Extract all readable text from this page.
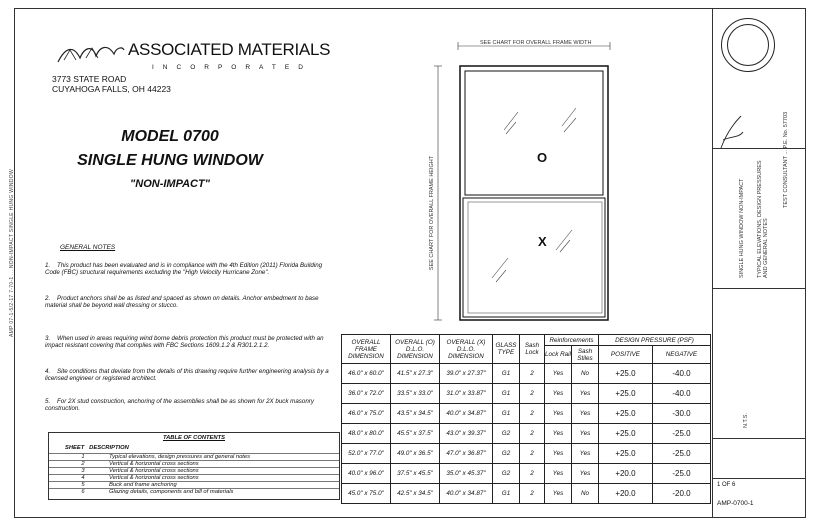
AMP 07-1-5/2-17 7-70-1 ... NON-IMPACT SINGLE HUNG WINDOW
ASSOCIATED MATERIALS
INCORPORATED
3773 STATE ROAD
CUYAHOGA FALLS, OH 44223
MODEL 0700
SINGLE HUNG WINDOW
"NON-IMPACT"
GENERAL NOTES
1. This product has been evaluated and is in compliance with the 4th Edition (2011) Florida Building Code (FBC) structural requirements excluding the "High Velocity Hurricane Zone".
2. Product anchors shall be as listed and spaced as shown on details. Anchor embedment to base material shall be beyond wall dressing or stucco.
3. When used in areas requiring wind borne debris protection this product must be protected with an impact resistant covering that complies with FBC Sections 1609.1.2 & R301.2.1.2.
4. Site conditions that deviate from the details of this drawing require further engineering analysis by a licensed engineer or registered architect.
5. For 2X stud construction, anchoring of the assemblies shall be as shown for 2X buck masonry construction.
TABLE OF CONTENTS
SHEET DESCRIPTION
1	Typical elevations, design pressures and general notes
2	Vertical & horizontal cross sections
3	Vertical & horizontal cross sections
4	Vertical & horizontal cross sections
5	Buck and frame anchoring
6	Glazing details, components and bill of materials
SEE CHART FOR OVERALL FRAME WIDTH
SEE CHART FOR OVERALL FRAME HEIGHT	O
X
OVERALL FRAME DIMENSION	OVERALL (O) D.L.O. DIMENSION	OVERALL (X) D.L.O. DIMENSION	GLASS TYPE	Sash Lock	Reinforcements		DESIGN PRESSURE (PSF)	
					Lock Rail	Sash Stiles	POSITIVE	NEGATIVE
46.0" x 60.0"	41.5" x 27.3"	39.0" x 27.37"	G1	2	Yes	No	+25.0	-40.0
36.0" x 72.0"	33.5" x 33.0"	31.0" x 33.87"	G1	2	Yes	Yes	+25.0	-40.0
46.0" x 75.0"	43.5" x 34.5"	40.0" x 34.87"	G1	2	Yes	Yes	+25.0	-30.0
48.0" x 80.0"	45.5" x 37.5"	43.0" x 39.37"	G2	2	Yes	Yes	+25.0	-25.0
52.0" x 77.0"	49.0" x 36.5"	47.0" x 36.87"	G2	2	Yes	Yes	+25.0	-25.0
40.0" x 96.0"	37.5" x 45.5"	35.0" x 45.37"	G2	2	Yes	Yes	+20.0	-25.0
45.0" x 75.0"	42.5" x 34.5"	40.0" x 34.87"	G1	2	Yes	No	+20.0	-20.0
SINGLE HUNG WINDOW NON-IMPACT TYPICAL ELEVATIONS, DESIGN PRESSURES AND GENERAL NOTES
TEST CONSULTANT ... P.E. No. 57703
N.T.S.
1 OF 6
AMP-0700-1
